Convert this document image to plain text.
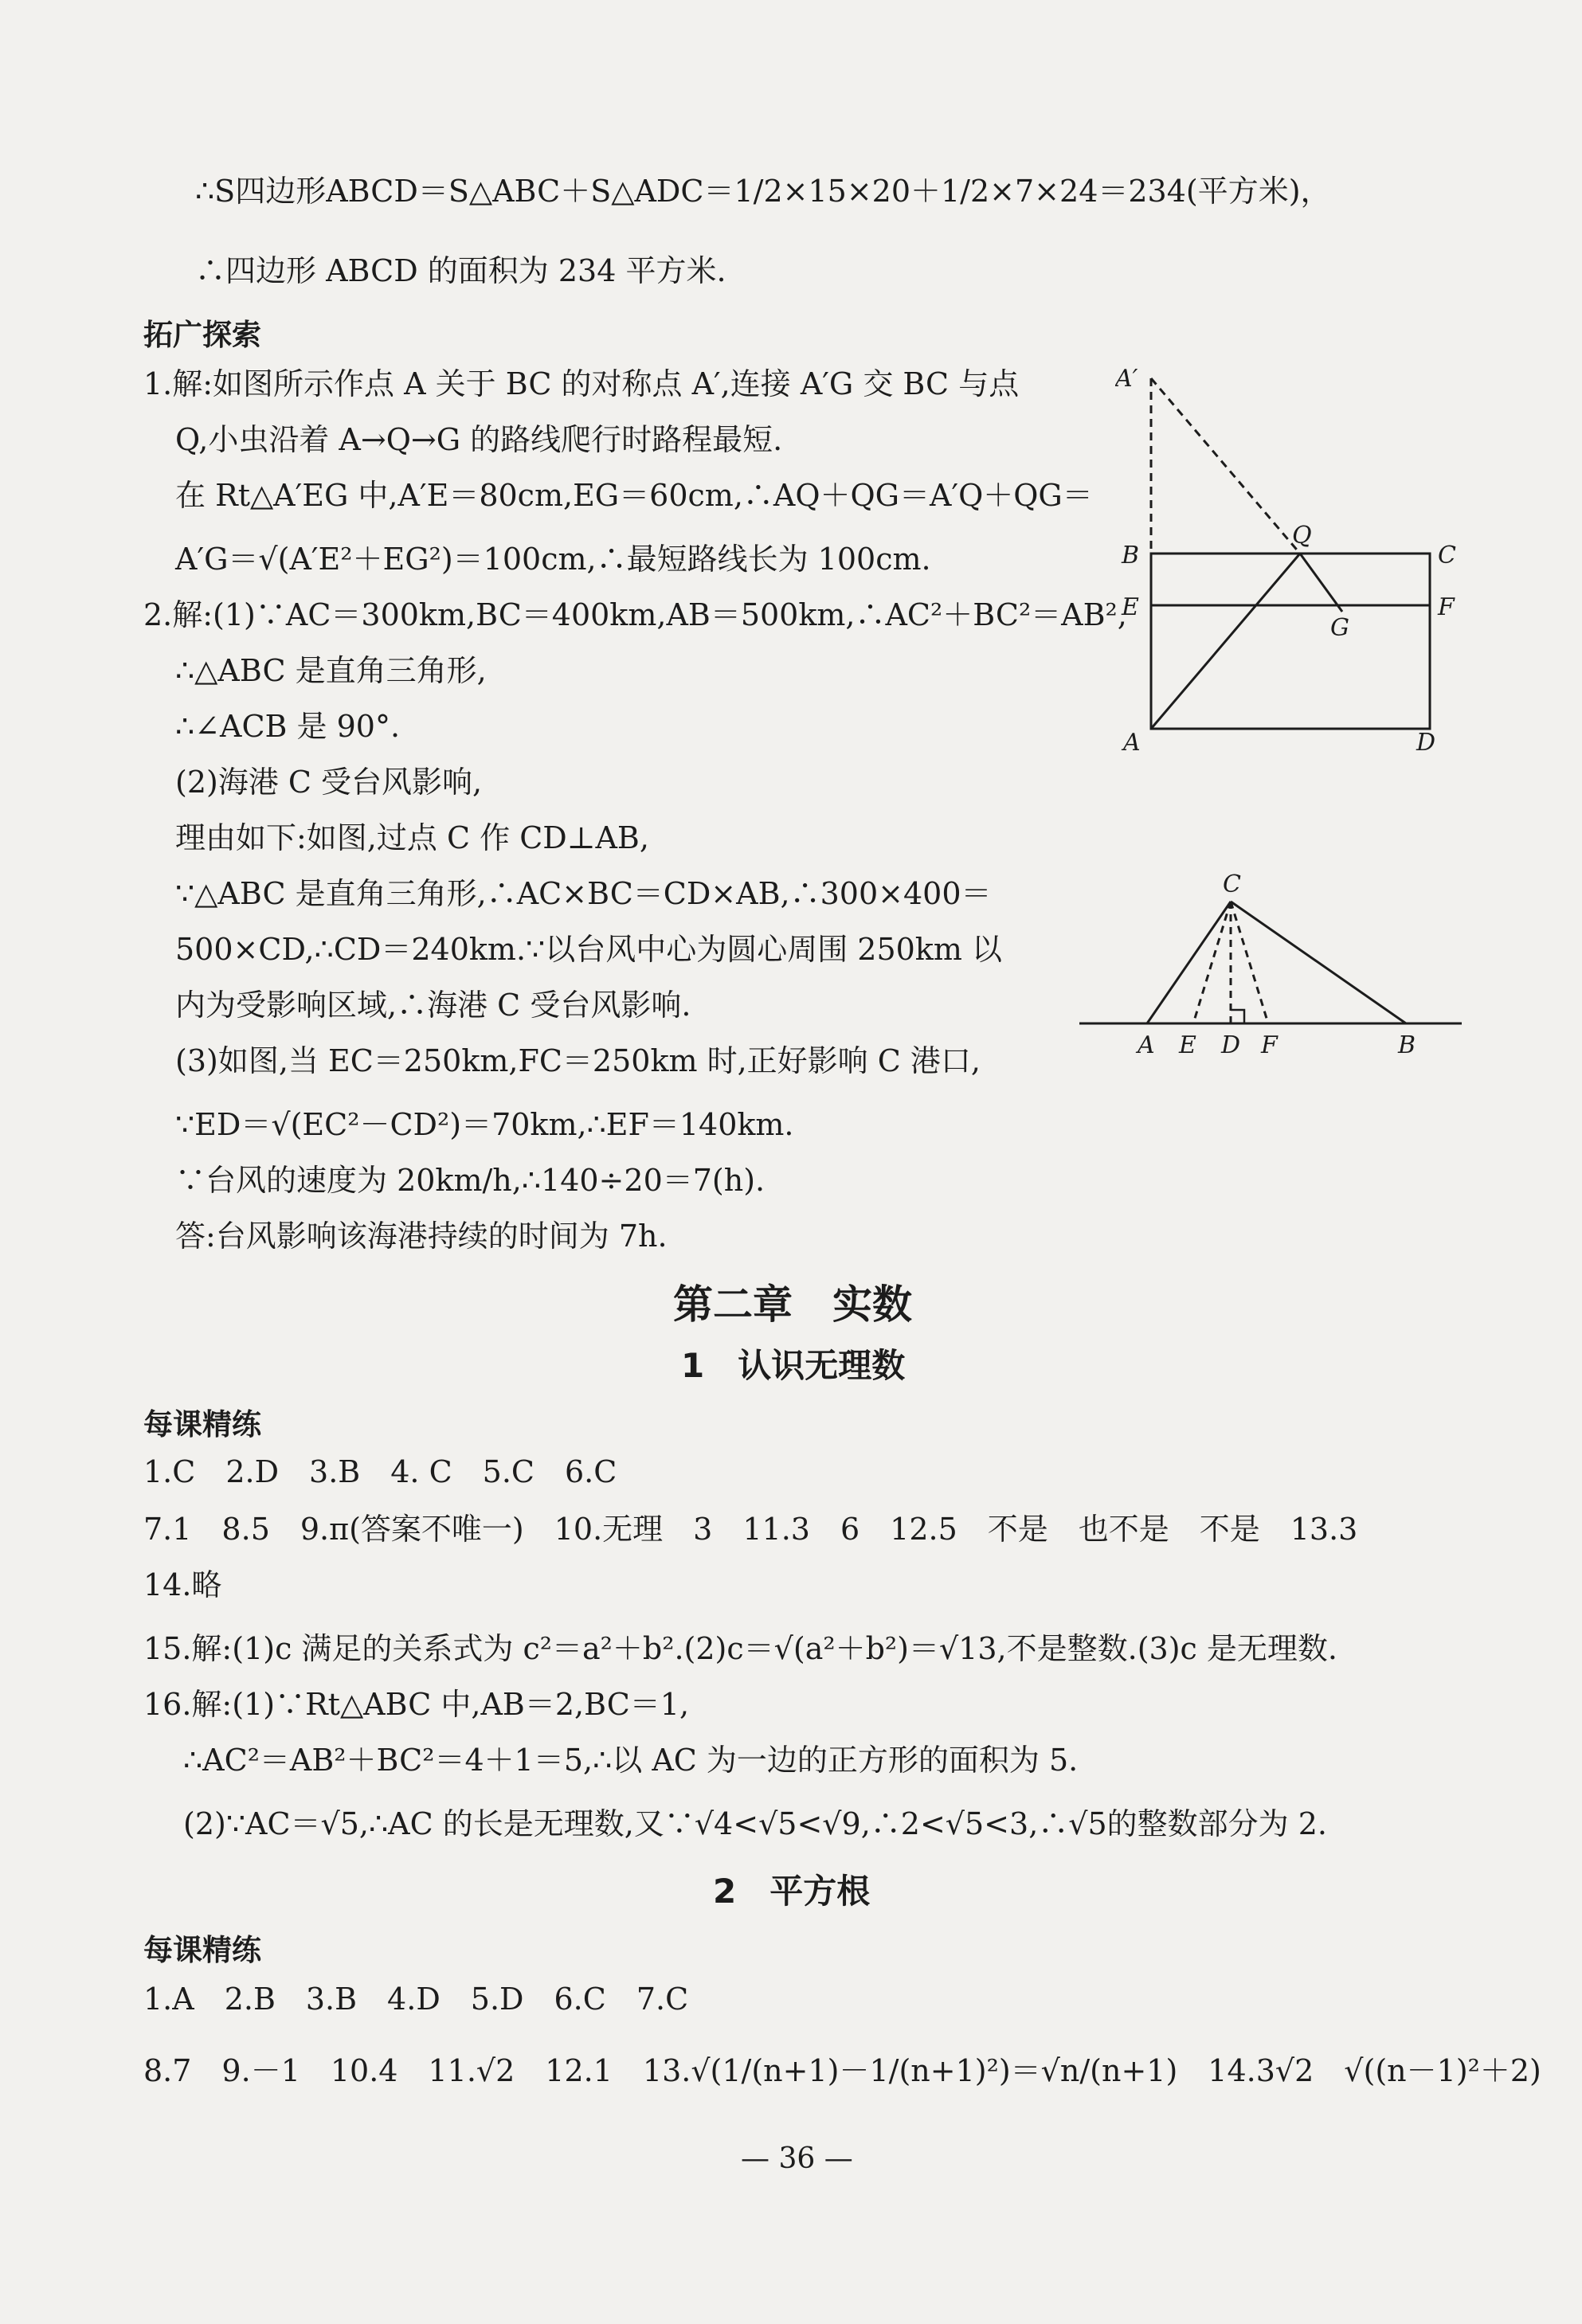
∴S四边形ABCD＝S△ABC＋S△ADC＝1/2×15×20＋1/2×7×24＝234(平方米)，
∴四边形 ABCD 的面积为 234 平方米.
拓广探索
1.解:如图所示作点 A 关于 BC 的对称点 A′,连接 A′G 交 BC 与点
Q,小虫沿着 A→Q→G 的路线爬行时路程最短.
在 Rt△A′EG 中,A′E＝80cm,EG＝60cm,∴AQ＋QG＝A′Q＋QG＝
A′G＝√(A′E²＋EG²)＝100cm,∴最短路线长为 100cm.
2.解:(1)∵AC＝300km,BC＝400km,AB＝500km,∴AC²＋BC²＝AB²,
∴△ABC 是直角三角形,
∴∠ACB 是 90°.
(2)海港 C 受台风影响,
理由如下:如图,过点 C 作 CD⊥AB,
∵△ABC 是直角三角形,∴AC×BC＝CD×AB,∴300×400＝
500×CD,∴CD＝240km.∵以台风中心为圆心周围 250km 以
内为受影响区域,∴海港 C 受台风影响.
(3)如图,当 EC＝250km,FC＝250km 时,正好影响 C 港口,
∵ED＝√(EC²－CD²)＝70km,∴EF＝140km.
∵台风的速度为 20km/h,∴140÷20＝7(h).
答:台风影响该海港持续的时间为 7h.
第二章　实数
1　认识无理数
每课精练
1.C　2.D　3.B　4. C　5.C　6.C
7.1　8.5　9.π(答案不唯一)　10.无理　3　11.3　6　12.5　不是　也不是　不是　13.3
14.略
15.解:(1)c 满足的关系式为 c²＝a²＋b².(2)c＝√(a²＋b²)＝√13,不是整数.(3)c 是无理数.
16.解:(1)∵Rt△ABC 中,AB＝2,BC＝1,
∴AC²＝AB²＋BC²＝4＋1＝5,∴以 AC 为一边的正方形的面积为 5.
(2)∵AC＝√5,∴AC 的长是无理数,又∵√4<√5<√9,∴2<√5<3,∴√5的整数部分为 2.
2　平方根
每课精练
1.A　2.B　3.B　4.D　5.D　6.C　7.C
8.7　9.－1　10.4　11.√2　12.1　13.√(1/(n+1)－1/(n+1)²)＝√n/(n+1)　14.3√2　√((n－1)²＋2)
— 36 —
A′
Q
B	C
E	F
G
A	D
C
A E D F	B
